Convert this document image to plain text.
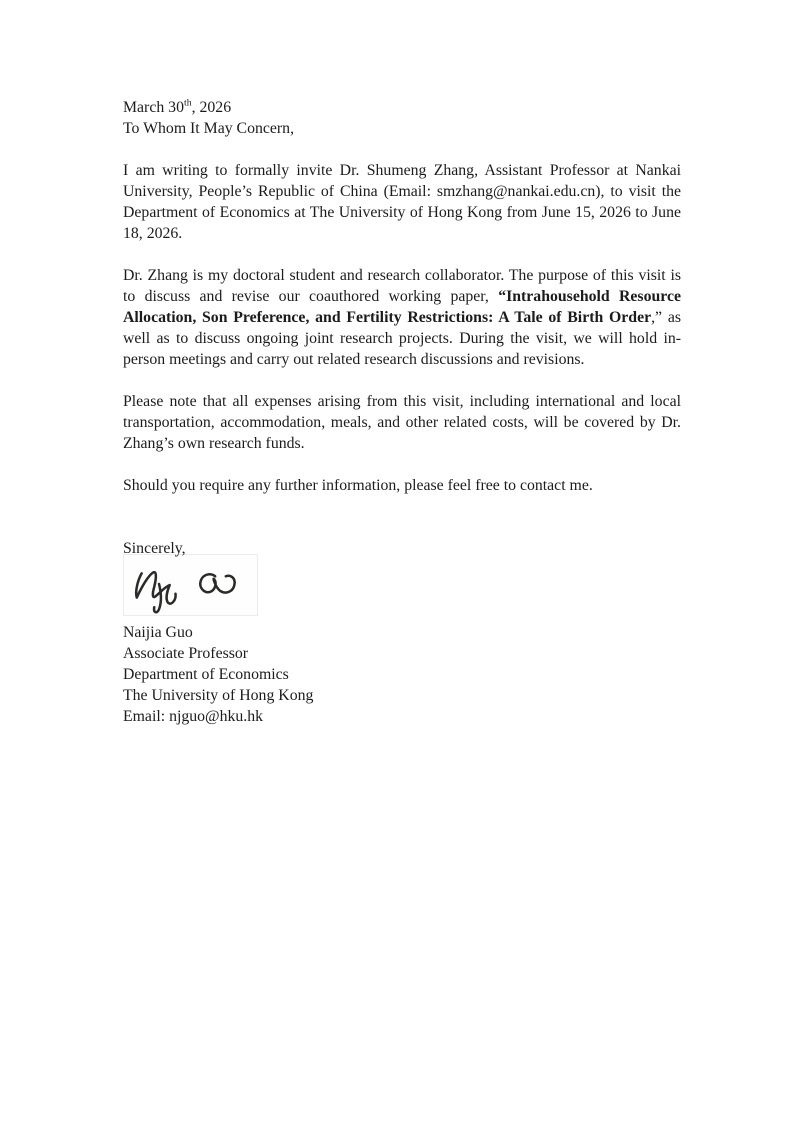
March 30th, 2026
To Whom It May Concern,

I am writing to formally invite Dr. Shumeng Zhang, Assistant Professor at Nankai University, People’s Republic of China (Email: smzhang@nankai.edu.cn), to visit the Department of Economics at The University of Hong Kong from June 15, 2026 to June 18, 2026.

Dr. Zhang is my doctoral student and research collaborator. The purpose of this visit is to discuss and revise our coauthored working paper, “Intrahousehold Resource Allocation, Son Preference, and Fertility Restrictions: A Tale of Birth Order,” as well as to discuss ongoing joint research projects. During the visit, we will hold in-person meetings and carry out related research discussions and revisions.

Please note that all expenses arising from this visit, including international and local transportation, accommodation, meals, and other related costs, will be covered by Dr. Zhang’s own research funds.

Should you require any further information, please feel free to contact me.

Sincerely,
Naijia Guo
Associate Professor
Department of Economics
The University of Hong Kong
Email: njguo@hku.hk
